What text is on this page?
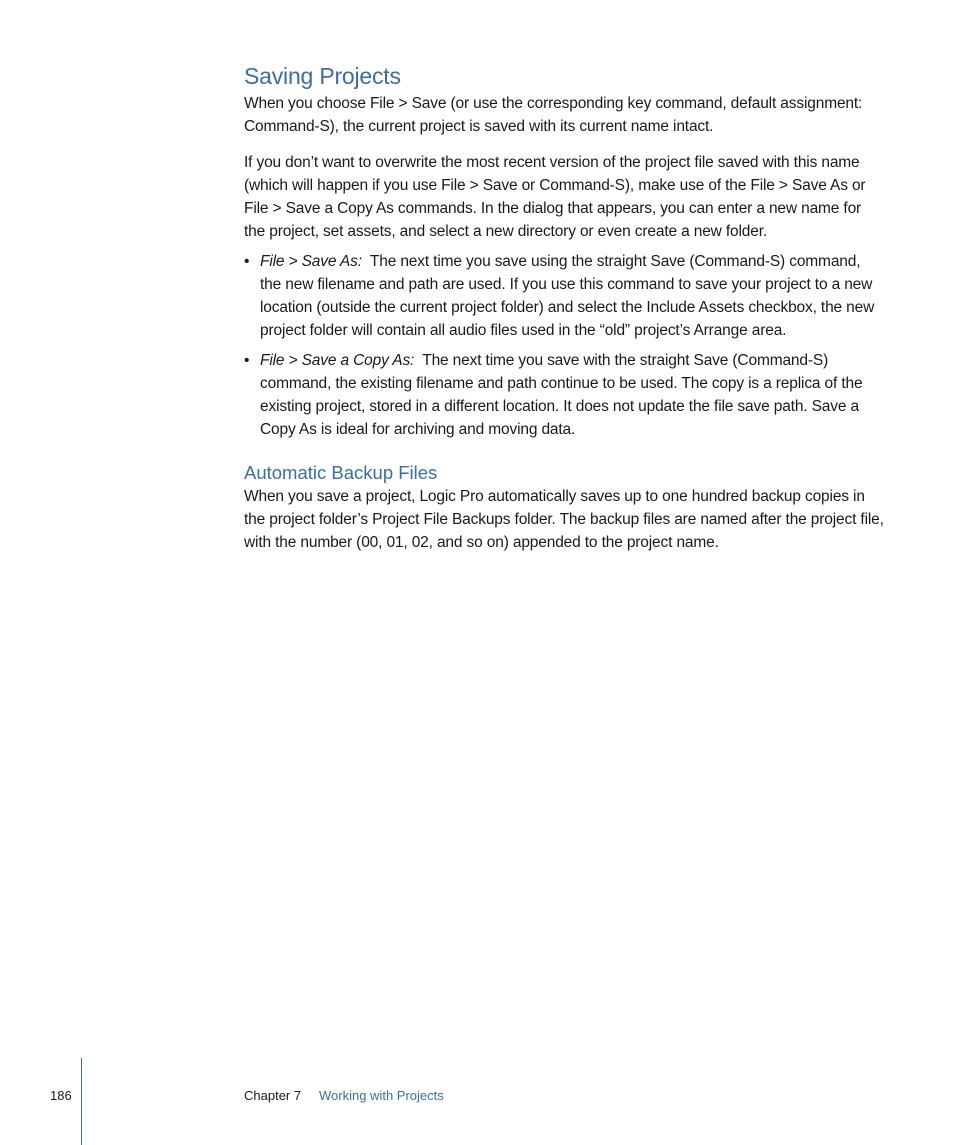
Saving Projects

When you choose File > Save (or use the corresponding key command, default assignment: Command-S), the current project is saved with its current name intact.

If you don’t want to overwrite the most recent version of the project file saved with this name (which will happen if you use File > Save or Command-S), make use of the File > Save As or File > Save a Copy As commands. In the dialog that appears, you can enter a new name for the project, set assets, and select a new directory or even create a new folder.

• File > Save As: The next time you save using the straight Save (Command-S) command, the new filename and path are used. If you use this command to save your project to a new location (outside the current project folder) and select the Include Assets checkbox, the new project folder will contain all audio files used in the “old” project’s Arrange area.
• File > Save a Copy As: The next time you save with the straight Save (Command-S) command, the existing filename and path continue to be used. The copy is a replica of the existing project, stored in a different location. It does not update the file save path. Save a Copy As is ideal for archiving and moving data.
Automatic Backup Files

When you save a project, Logic Pro automatically saves up to one hundred backup copies in the project folder’s Project File Backups folder. The backup files are named after the project file, with the number (00, 01, 02, and so on) appended to the project name.

186	Chapter 7 Working with Projects
